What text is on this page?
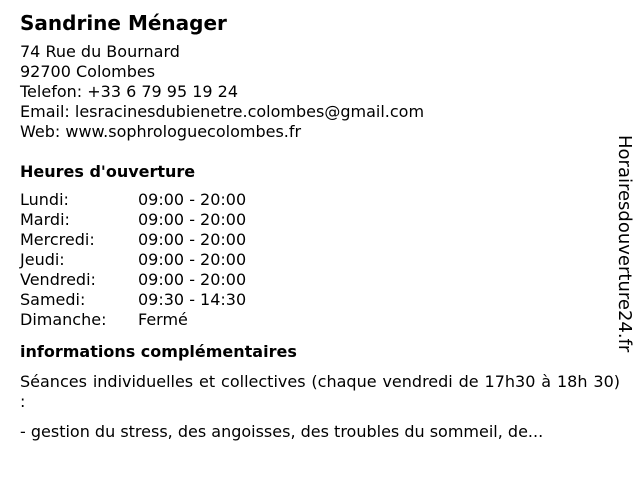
Sandrine Ménager
74 Rue du Bournard
92700 Colombes
Telefon: +33 6 79 95 19 24
Email: lesracinesdubienetre.colombes@gmail.com
Web: www.sophrologuecolombes.fr
Heures d'ouverture
Lundi:	09:00 - 20:00
Mardi:	09:00 - 20:00
Mercredi:	09:00 - 20:00
Jeudi:	09:00 - 20:00
Vendredi:	09:00 - 20:00
Samedi:	09:30 - 14:30
Dimanche:	Fermé
informations complémentaires
Séances individuelles et collectives (chaque vendredi de 17h30 à 18h 30) :
- gestion du stress, des angoisses, des troubles du sommeil, de...
Horairesdouverture24.fr
